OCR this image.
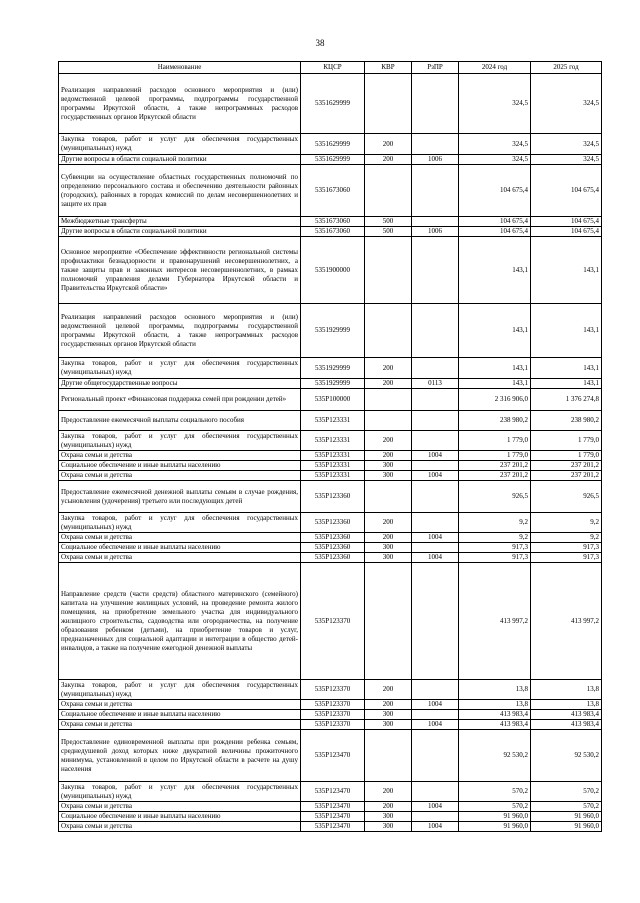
38
Наименование	КЦСР	КВР	РзПР	2024 год	2025 год
Реализация направлений расходов основного мероприятия и (или) ведомственной целевой программы, подпрограммы государственной программы Иркутской области, а также непрограммных расходов государственных органов Иркутской области	5351629999			324,5	324,5
Закупка товаров, работ и услуг для обеспечения государственных (муниципальных) нужд	5351629999	200		324,5	324,5
Другие вопросы в области социальной политики	5351629999	200	1006	324,5	324,5
Субвенции на осуществление областных государственных полномочий по определению персонального состава и обеспечению деятельности районных (городских), районных в городах комиссий по делам несовершеннолетних и защите их прав	5351673060			104 675,4	104 675,4
Межбюджетные трансферты	5351673060	500		104 675,4	104 675,4
Другие вопросы в области социальной политики	5351673060	500	1006	104 675,4	104 675,4
Основное мероприятие «Обеспечение эффективности региональной системы профилактики безнадзорности и правонарушений несовершеннолетних, а также защиты прав и законных интересов несовершеннолетних, в рамках полномочий управления делами Губернатора Иркутской области и Правительства Иркутской области»	5351900000			143,1	143,1
Реализация направлений расходов основного мероприятия и (или) ведомственной целевой программы, подпрограммы государственной программы Иркутской области, а также непрограммных расходов государственных органов Иркутской области	5351929999			143,1	143,1
Закупка товаров, работ и услуг для обеспечения государственных (муниципальных) нужд	5351929999	200		143,1	143,1
Другие общегосударственные вопросы	5351929999	200	0113	143,1	143,1
Региональный проект «Финансовая поддержка семей при рождении детей»	535P100000			2 316 906,0	1 376 274,8
Предоставление ежемесячной выплаты социального пособия	535P123331			238 980,2	238 980,2
Закупка товаров, работ и услуг для обеспечения государственных (муниципальных) нужд	535P123331	200		1 779,0	1 779,0
Охрана семьи и детства	535P123331	200	1004	1 779,0	1 779,0
Социальное обеспечение и иные выплаты населению	535P123331	300		237 201,2	237 201,2
Охрана семьи и детства	535P123331	300	1004	237 201,2	237 201,2
Предоставление ежемесячной денежной выплаты семьям в случае рождения, усыновления (удочерения) третьего или последующих детей	535P123360			926,5	926,5
Закупка товаров, работ и услуг для обеспечения государственных (муниципальных) нужд	535P123360	200		9,2	9,2
Охрана семьи и детства	535P123360	200	1004	9,2	9,2
Социальное обеспечение и иные выплаты населению	535P123360	300		917,3	917,3
Охрана семьи и детства	535P123360	300	1004	917,3	917,3
Направление средств (части средств) областного материнского (семейного) капитала на улучшение жилищных условий, на проведение ремонта жилого помещения, на приобретение земельного участка для индивидуального жилищного строительства, садоводства или огородничества, на получение образования ребенком (детьми), на приобретение товаров и услуг, предназначенных для социальной адаптации и интеграции в общество детей-инвалидов, а также на получение ежегодной денежной выплаты	535P123370			413 997,2	413 997,2
Закупка товаров, работ и услуг для обеспечения государственных (муниципальных) нужд	535P123370	200		13,8	13,8
Охрана семьи и детства	535P123370	200	1004	13,8	13,8
Социальное обеспечение и иные выплаты населению	535P123370	300		413 983,4	413 983,4
Охрана семьи и детства	535P123370	300	1004	413 983,4	413 983,4
Предоставление единовременной выплаты при рождении ребенка семьям, среднедушевой доход которых ниже двукратной величины прожиточного минимума, установленной в целом по Иркутской области в расчете на душу населения	535P123470			92 530,2	92 530,2
Закупка товаров, работ и услуг для обеспечения государственных (муниципальных) нужд	535P123470	200		570,2	570,2
Охрана семьи и детства	535P123470	200	1004	570,2	570,2
Социальное обеспечение и иные выплаты населению	535P123470	300		91 960,0	91 960,0
Охрана семьи и детства	535P123470	300	1004	91 960,0	91 960,0
